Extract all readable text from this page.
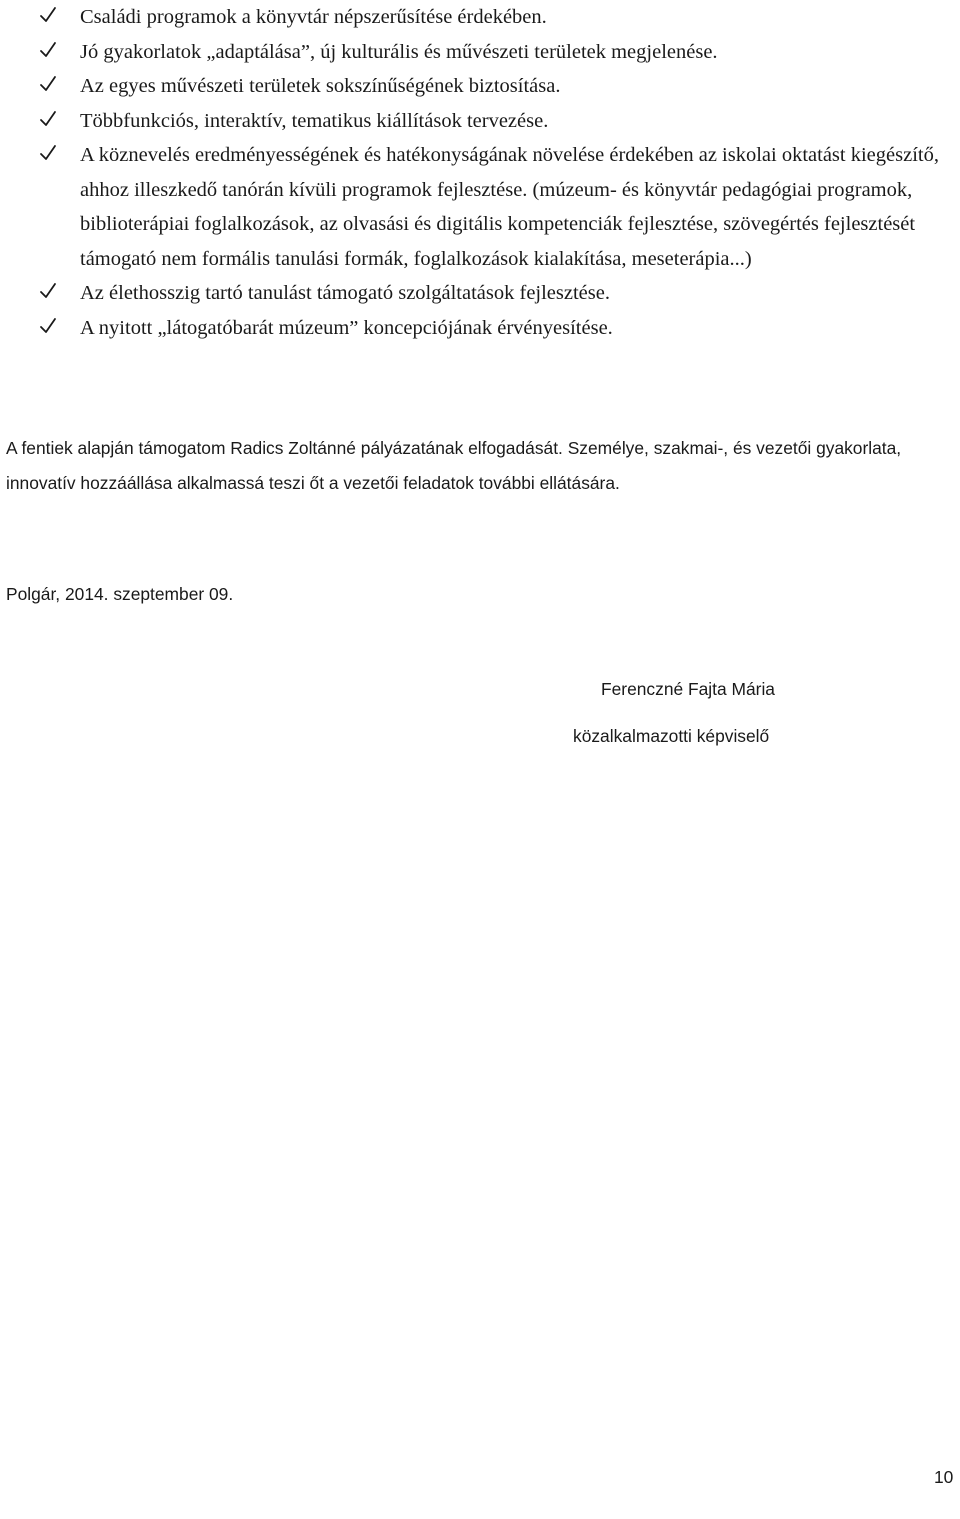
Családi programok a könyvtár népszerűsítése érdekében.
Jó gyakorlatok „adaptálása”, új kulturális és művészeti területek megjelenése.
Az egyes művészeti területek sokszínűségének biztosítása.
Többfunkciós, interaktív, tematikus kiállítások tervezése.
A köznevelés eredményességének és hatékonyságának növelése érdekében az iskolai oktatást kiegészítő, ahhoz illeszkedő tanórán kívüli programok fejlesztése. (múzeum- és könyvtár pedagógiai programok, biblioterápiai foglalkozások, az olvasási és digitális kompetenciák fejlesztése, szövegértés fejlesztését támogató nem formális tanulási formák, foglalkozások kialakítása, meseterápia...)
Az élethosszig tartó tanulást támogató szolgáltatások fejlesztése.
A nyitott „látogatóbarát múzeum” koncepciójának érvényesítése.

A fentiek alapján támogatom Radics Zoltánné pályázatának elfogadását. Személye, szakmai-, és vezetői gyakorlata, innovatív hozzáállása alkalmassá teszi őt a vezetői feladatok további ellátására.

Polgár, 2014. szeptember 09.

Ferenczné Fajta Mária

közalkalmazotti képviselő

10
